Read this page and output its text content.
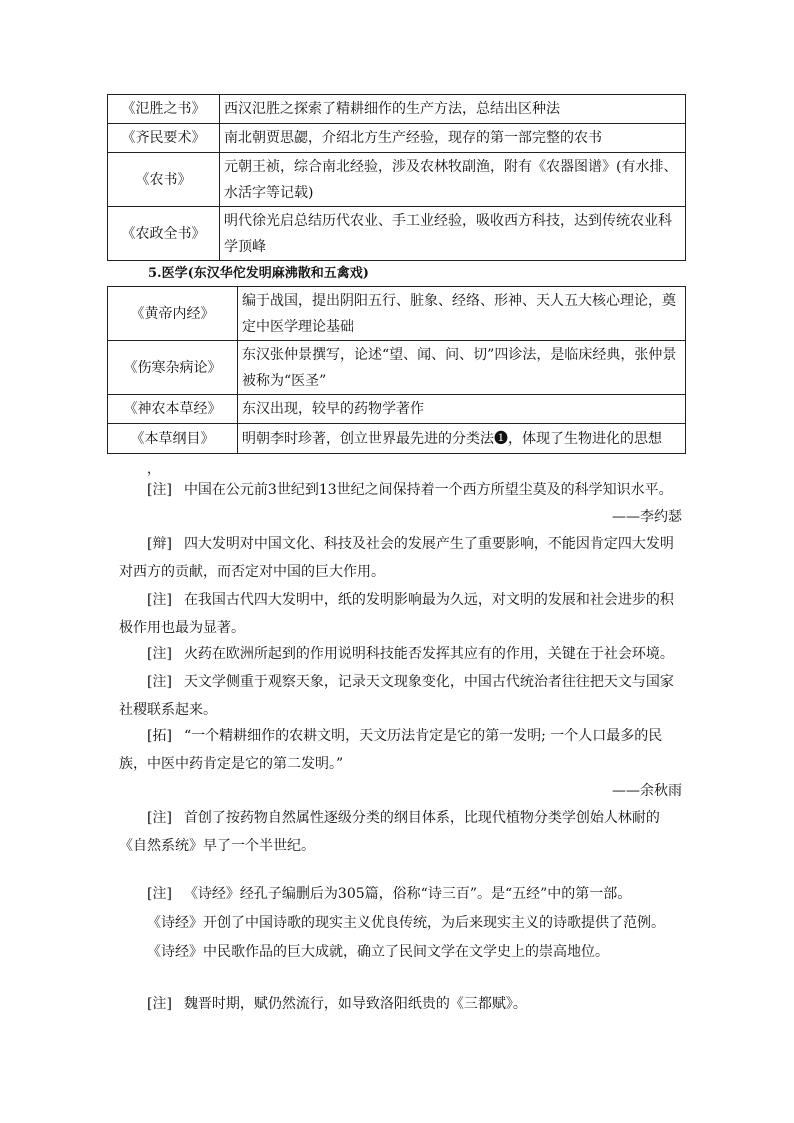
《氾胜之书》	西汉氾胜之探索了精耕细作的生产方法，总结出区种法
《齐民要术》	南北朝贾思勰，介绍北方生产经验，现存的第一部完整的农书
《农书》	元朝王祯，综合南北经验，涉及农林牧副渔，附有《农器图谱》(有水排、水活字等记载)
《农政全书》	明代徐光启总结历代农业、手工业经验，吸收西方科技，达到传统农业科学顶峰
5.医学(东汉华佗发明麻沸散和五禽戏)
《黄帝内经》	编于战国，提出阴阳五行、脏象、经络、形神、天人五大核心理论，奠定中医学理论基础
《伤寒杂病论》	东汉张仲景撰写，论述“望、闻、问、切”四诊法，是临床经典，张仲景被称为“医圣”
《神农本草经》	东汉出现，较早的药物学著作
《本草纲目》	明朝李时珍著，创立世界最先进的分类法❶，体现了生物进化的思想
，

[注] 中国在公元前3世纪到13世纪之间保持着一个西方所望尘莫及的科学知识水平。

——李约瑟

[辩] 四大发明对中国文化、科技及社会的发展产生了重要影响，不能因肯定四大发明对西方的贡献，而否定对中国的巨大作用。

[注] 在我国古代四大发明中，纸的发明影响最为久远，对文明的发展和社会进步的积极作用也最为显著。

[注] 火药在欧洲所起到的作用说明科技能否发挥其应有的作用，关键在于社会环境。

[注] 天文学侧重于观察天象，记录天文现象变化，中国古代统治者往往把天文与国家社稷联系起来。

[拓] “一个精耕细作的农耕文明，天文历法肯定是它的第一发明; 一个人口最多的民族，中医中药肯定是它的第二发明。”

——余秋雨

[注] 首创了按药物自然属性逐级分类的纲目体系，比现代植物分类学创始人林耐的《自然系统》早了一个半世纪。

[注] 《诗经》经孔子编删后为305篇，俗称“诗三百”。是“五经”中的第一部。
《诗经》开创了中国诗歌的现实主义优良传统，为后来现实主义的诗歌提供了范例。
《诗经》中民歌作品的巨大成就，确立了民间文学在文学史上的崇高地位。

[注] 魏晋时期，赋仍然流行，如导致洛阳纸贵的《三都赋》。
